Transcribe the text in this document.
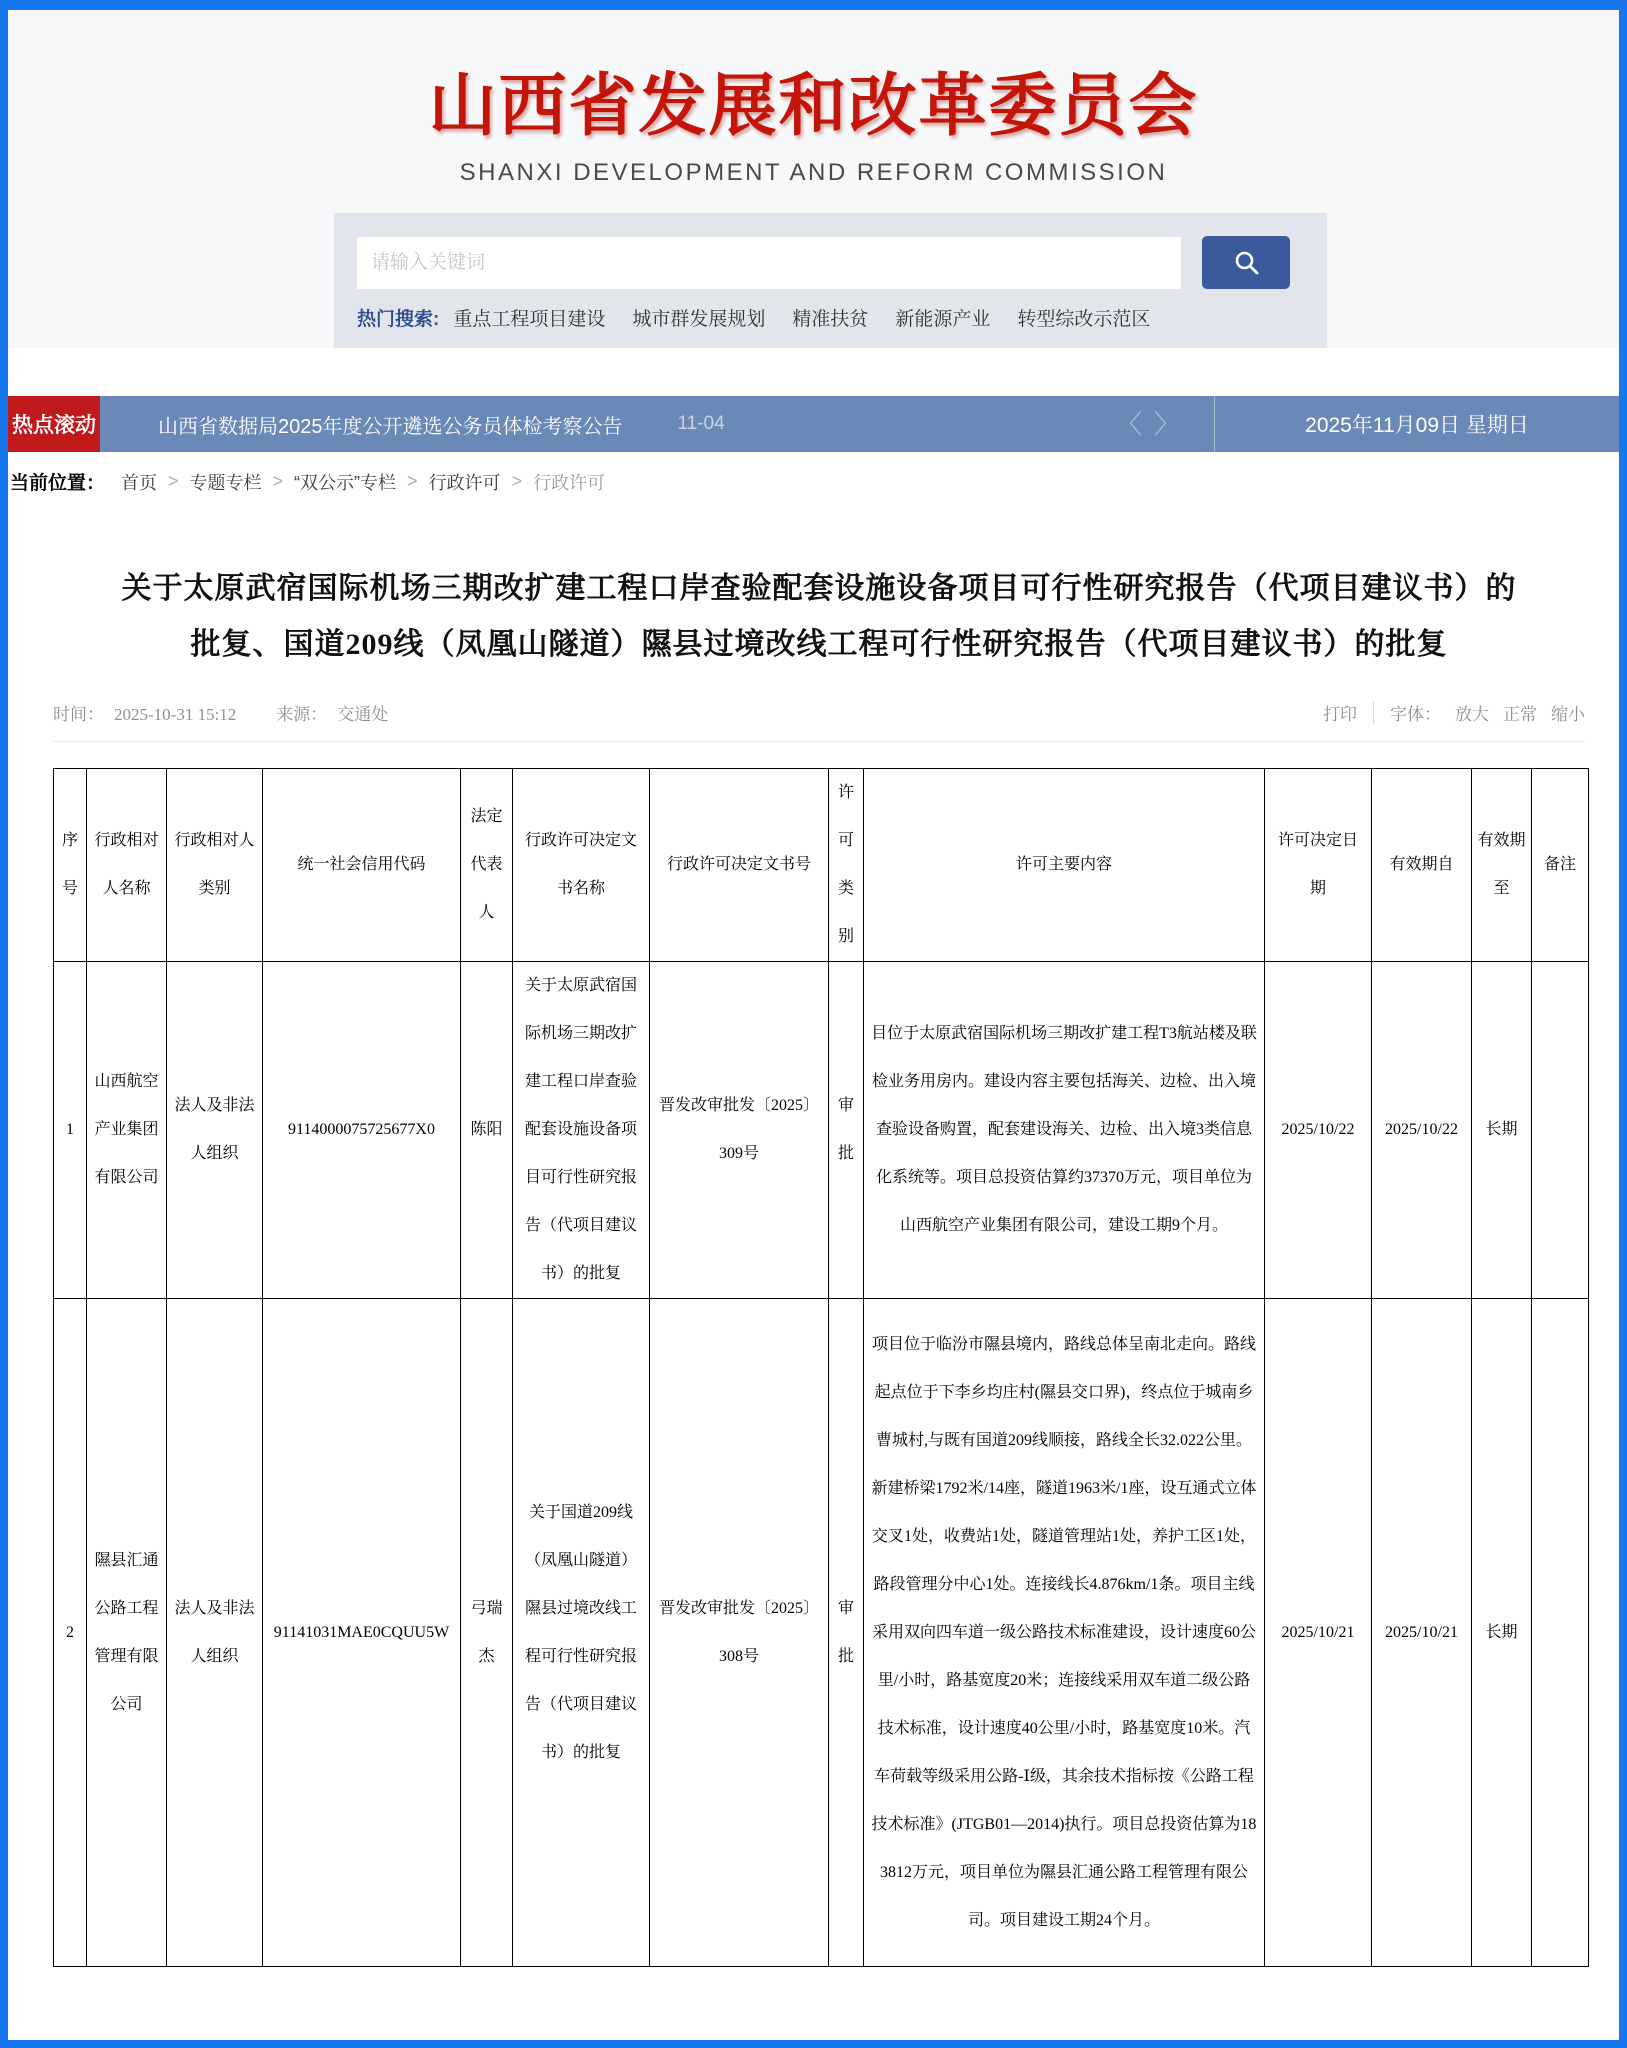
山西省发展和改革委员会
SHANXI DEVELOPMENT AND REFORM COMMISSION
请输入关键词
热门搜索: 重点工程项目建设 城市群发展规划 精准扶贫 新能源产业 转型综改示范区
热点滚动	山西省数据局2025年度公开遴选公务员体检考察公告	11-04	〈 〉	2025年11月09日 星期日
当前位置： 首页 > 专题专栏 > “双公示”专栏 > 行政许可 > 行政许可
关于太原武宿国际机场三期改扩建工程口岸查验配套设施设备项目可行性研究报告（代项目建议书）的批复、国道209线（凤凰山隧道）隰县过境改线工程可行性研究报告（代项目建议书）的批复
时间： 2025-10-31 15:12 来源： 交通处	打印 字体： 放大 正常 缩小
序号	行政相对人名称	行政相对人类别	统一社会信用代码	法定代表人	行政许可决定文书名称	行政许可决定文书号	许可类别	许可主要内容	许可决定日期	有效期自	有效期至	备注
1	山西航空产业集团有限公司	法人及非法人组织	9114000075725677X0	陈阳	关于太原武宿国际机场三期改扩建工程口岸查验配套设施设备项目可行性研究报告（代项目建议书）的批复	晋发改审批发〔2025〕309号	审批	目位于太原武宿国际机场三期改扩建工程T3航站楼及联检业务用房内。建设内容主要包括海关、边检、出入境查验设备购置，配套建设海关、边检、出入境3类信息化系统等。项目总投资估算约37370万元，项目单位为山西航空产业集团有限公司，建设工期9个月。	2025/10/22	2025/10/22	长期	
2	隰县汇通公路工程管理有限公司	法人及非法人组织	91141031MAE0CQUU5W	弓瑞杰	关于国道209线（凤凰山隧道）隰县过境改线工程可行性研究报告（代项目建议书）的批复	晋发改审批发〔2025〕308号	审批	项目位于临汾市隰县境内，路线总体呈南北走向。路线起点位于下李乡均庄村(隰县交口界)，终点位于城南乡曹城村,与既有国道209线顺接，路线全长32.022公里。新建桥梁1792米/14座，隧道1963米/1座，设互通式立体交叉1处，收费站1处，隧道管理站1处，养护工区1处，路段管理分中心1处。连接线长4.876km/1条。项目主线采用双向四车道一级公路技术标准建设，设计速度60公里/小时，路基宽度20米；连接线采用双车道二级公路技术标准，设计速度40公里/小时，路基宽度10米。汽车荷载等级采用公路-Ⅰ级，其余技术指标按《公路工程技术标准》(JTGB01—2014)执行。项目总投资估算为183812万元，项目单位为隰县汇通公路工程管理有限公司。项目建设工期24个月。	2025/10/21	2025/10/21	长期	
